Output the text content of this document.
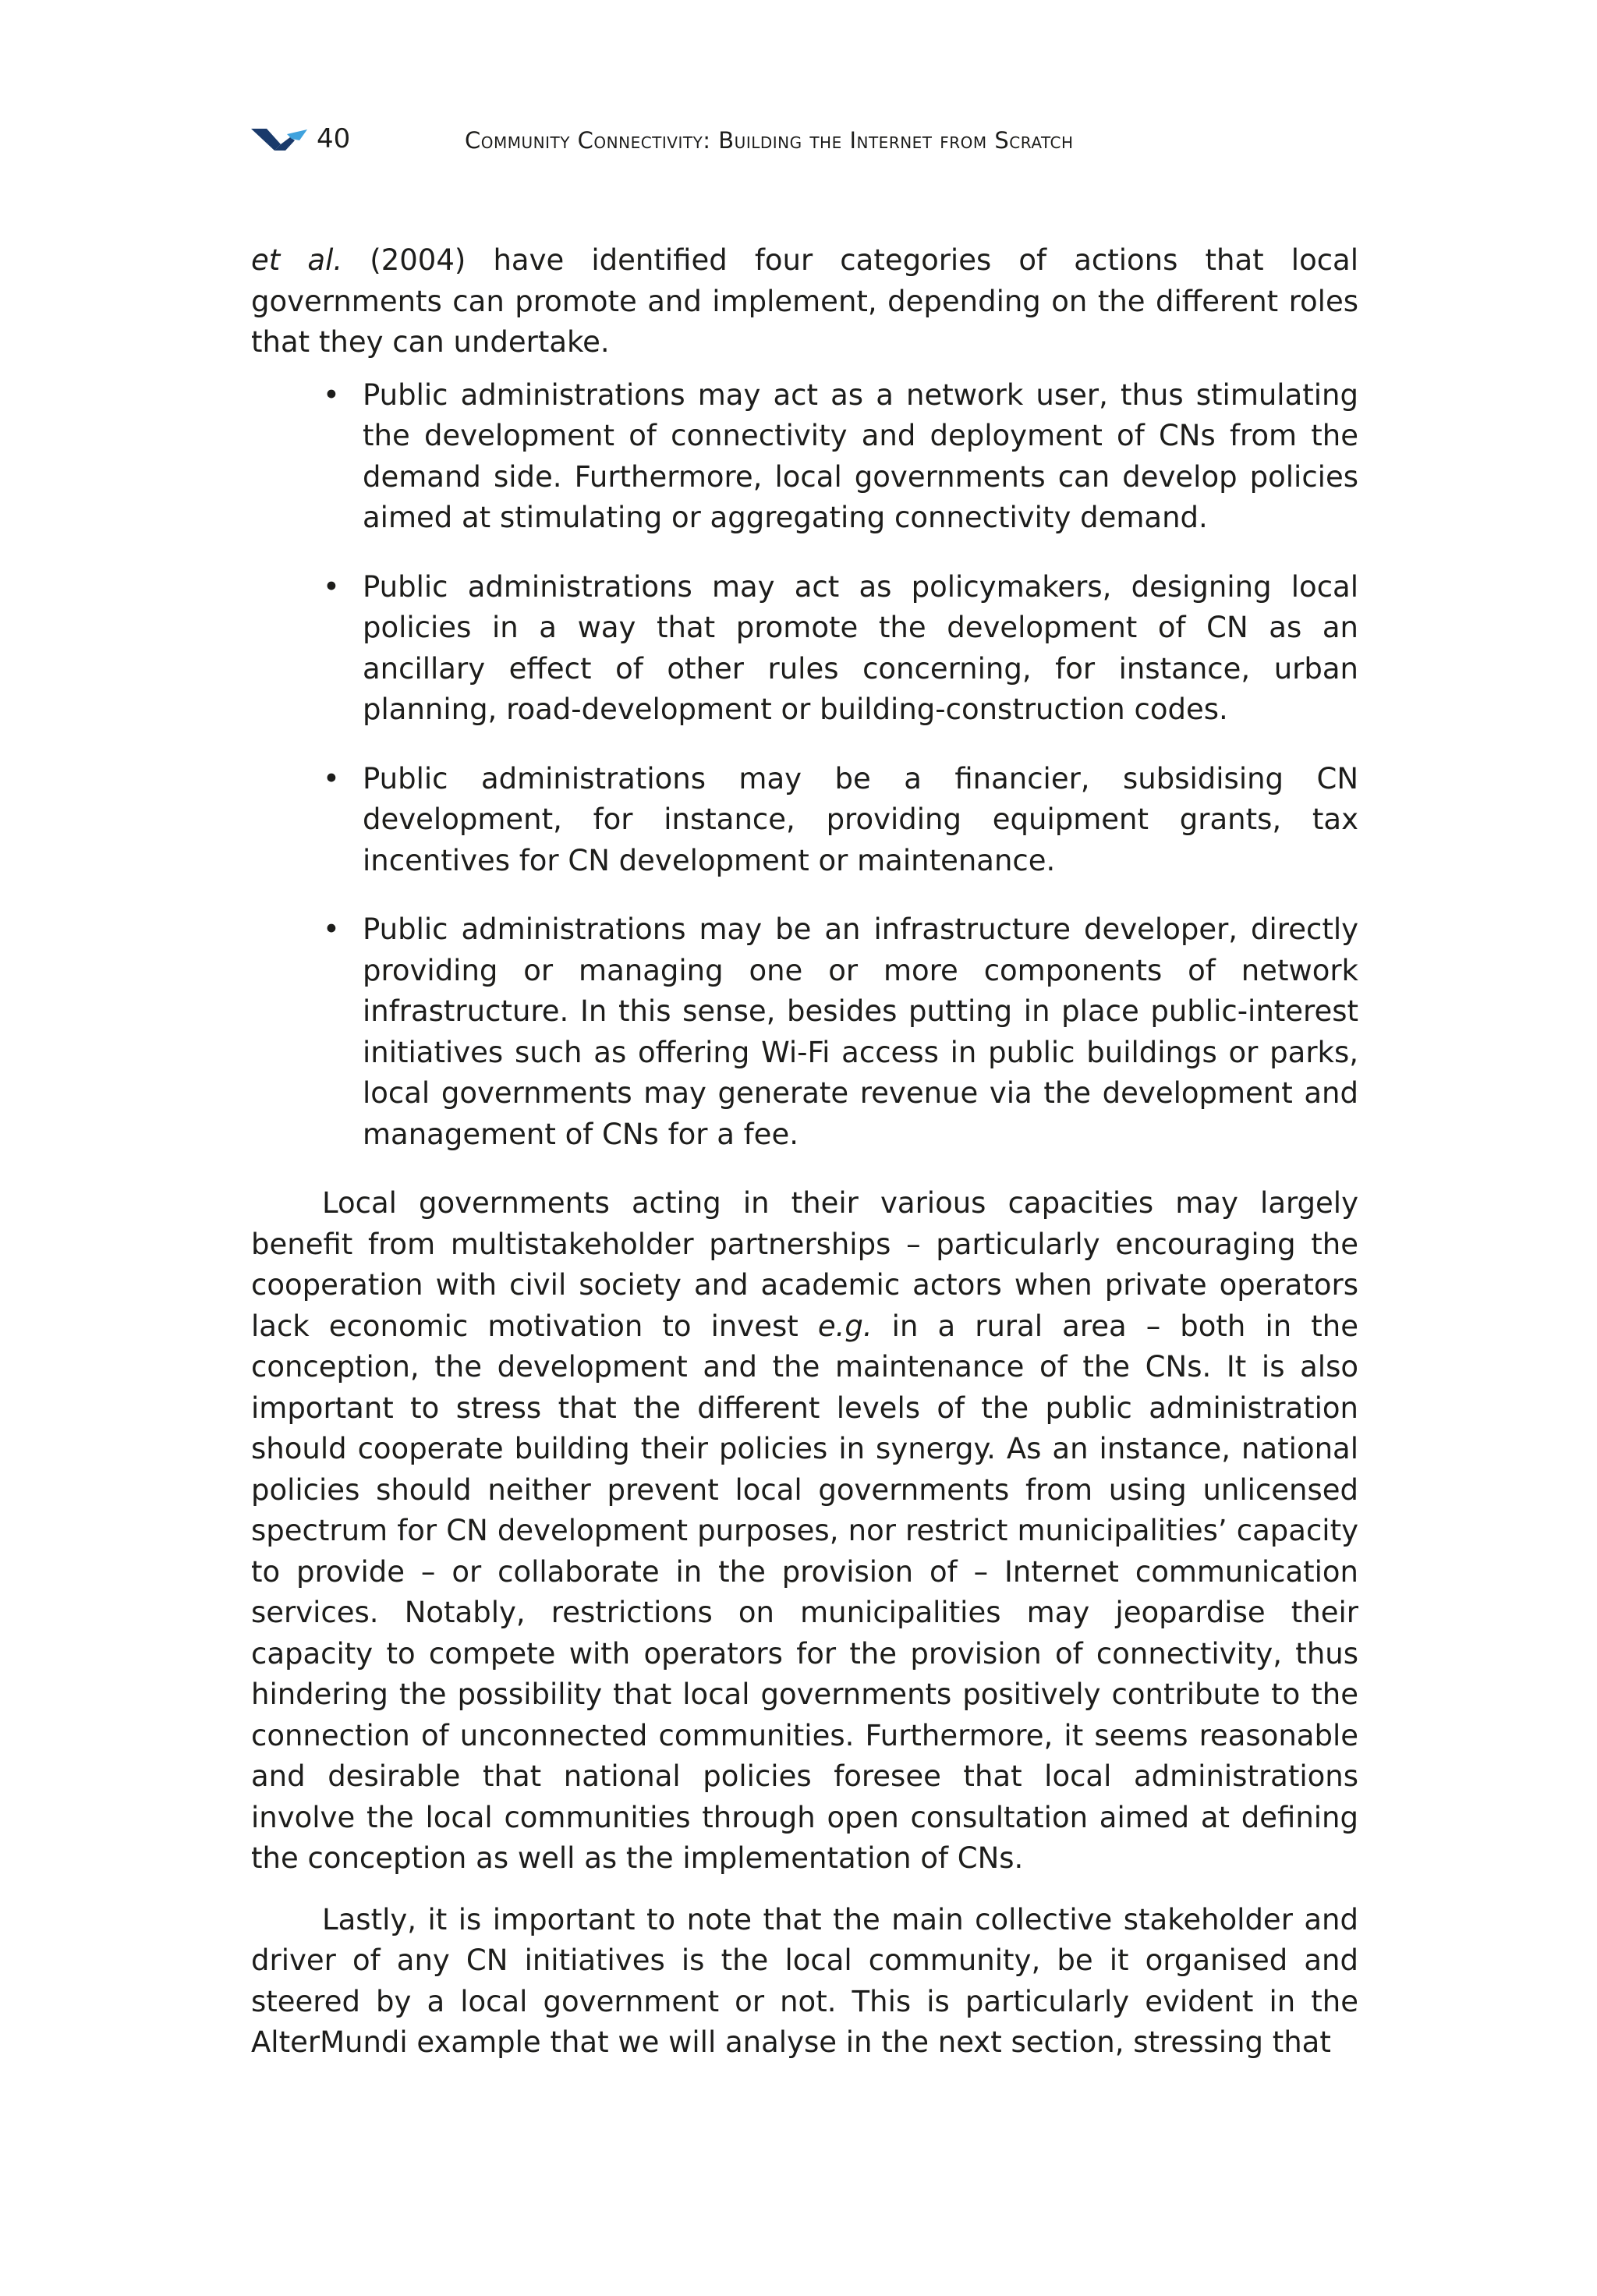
40	Community Connectivity: Building the Internet from Scratch

et al. (2004) have identified four categories of actions that local governments can promote and implement, depending on the different roles that they can undertake.

• Public administrations may act as a network user, thus stimulating the development of connectivity and deployment of CNs from the demand side. Furthermore, local governments can develop policies aimed at stimulating or aggregating connectivity demand.
• Public administrations may act as policymakers, designing local policies in a way that promote the development of CN as an ancillary effect of other rules concerning, for instance, urban planning, road-development or building-construction codes.
• Public administrations may be a financier, subsidising CN development, for instance, providing equipment grants, tax incentives for CN development or maintenance.
• Public administrations may be an infrastructure developer, directly providing or managing one or more components of network infrastructure. In this sense, besides putting in place public-interest initiatives such as offering Wi-Fi access in public buildings or parks, local governments may generate revenue via the development and management of CNs for a fee.

Local governments acting in their various capacities may largely benefit from multistakeholder partnerships – particularly encouraging the cooperation with civil society and academic actors when private operators lack economic motivation to invest e.g. in a rural area – both in the conception, the development and the maintenance of the CNs. It is also important to stress that the different levels of the public administration should cooperate building their policies in synergy. As an instance, national policies should neither prevent local governments from using unlicensed spectrum for CN development purposes, nor restrict municipalities’ capacity to provide – or collaborate in the provision of – Internet communication services. Notably, restrictions on municipalities may jeopardise their capacity to compete with operators for the provision of connectivity, thus hindering the possibility that local governments positively contribute to the connection of unconnected communities. Furthermore, it seems reasonable and desirable that national policies foresee that local administrations involve the local communities through open consultation aimed at defining the conception as well as the implementation of CNs.

Lastly, it is important to note that the main collective stakeholder and driver of any CN initiatives is the local community, be it organised and steered by a local government or not. This is particularly evident in the AlterMundi example that we will analyse in the next section, stressing that
